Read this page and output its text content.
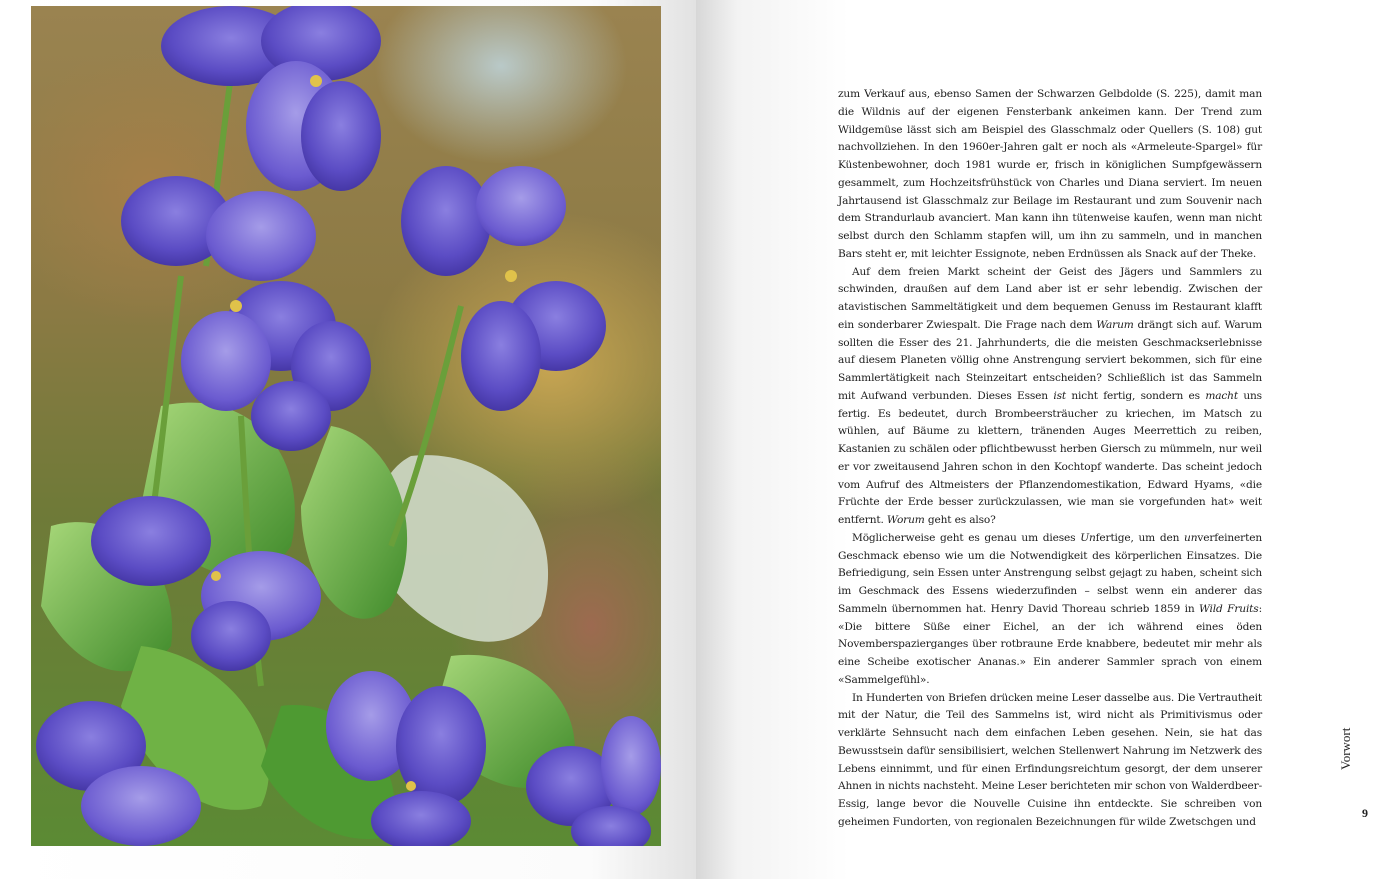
zum Verkauf aus, ebenso Samen der Schwarzen Gelbdolde (S. 225), damit man die Wildnis auf der eigenen Fensterbank ankeimen kann. Der Trend zum Wildgemüse lässt sich am Beispiel des Glasschmalz oder Quellers (S. 108) gut nachvollziehen. In den 1960er-Jahren galt er noch als «Armeleute-Spargel» für Küstenbewohner, doch 1981 wurde er, frisch in königlichen Sumpfgewässern gesammelt, zum Hochzeitsfrühstück von Charles und Diana serviert. Im neuen Jahrtausend ist Glasschmalz zur Beilage im Restaurant und zum Souvenir nach dem Strandurlaub avanciert. Man kann ihn tütenweise kaufen, wenn man nicht selbst durch den Schlamm stapfen will, um ihn zu sammeln, und in manchen Bars steht er, mit leichter Essignote, neben Erdnüssen als Snack auf der Theke.

Auf dem freien Markt scheint der Geist des Jägers und Sammlers zu schwinden, draußen auf dem Land aber ist er sehr lebendig. Zwischen der atavistischen Sammeltätigkeit und dem bequemen Genuss im Restaurant klafft ein sonderbarer Zwiespalt. Die Frage nach dem Warum drängt sich auf. Warum sollten die Esser des 21. Jahrhunderts, die die meisten Geschmackserlebnisse auf diesem Planeten völlig ohne Anstrengung serviert bekommen, sich für eine Sammlertätigkeit nach Steinzeitart entscheiden? Schließlich ist das Sammeln mit Aufwand verbunden. Dieses Essen ist nicht fertig, sondern es macht uns fertig. Es bedeutet, durch Brombeersträucher zu kriechen, im Matsch zu wühlen, auf Bäume zu klettern, tränenden Auges Meerrettich zu reiben, Kastanien zu schälen oder pflichtbewusst herben Giersch zu mümmeln, nur weil er vor zweitausend Jahren schon in den Kochtopf wanderte. Das scheint jedoch vom Aufruf des Altmeisters der Pflanzendomestikation, Edward Hyams, «die Früchte der Erde besser zurückzulassen, wie man sie vorgefunden hat» weit entfernt. Worum geht es also?

Möglicherweise geht es genau um dieses Unfertige, um den unverfeinerten Geschmack ebenso wie um die Notwendigkeit des körperlichen Einsatzes. Die Befriedigung, sein Essen unter Anstrengung selbst gejagt zu haben, scheint sich im Geschmack des Essens wiederzufinden – selbst wenn ein anderer das Sammeln übernommen hat. Henry David Thoreau schrieb 1859 in Wild Fruits: «Die bittere Süße einer Eichel, an der ich während eines öden Novemberspazierganges über rotbraune Erde knabbere, bedeutet mir mehr als eine Scheibe exotischer Ananas.» Ein anderer Sammler sprach von einem «Sammelgefühl».

In Hunderten von Briefen drücken meine Leser dasselbe aus. Die Vertrautheit mit der Natur, die Teil des Sammelns ist, wird nicht als Primitivismus oder verklärte Sehnsucht nach dem einfachen Leben gesehen. Nein, sie hat das Bewusstsein dafür sensibilisiert, welchen Stellenwert Nahrung im Netzwerk des Lebens einnimmt, und für einen Erfindungsreichtum gesorgt, der dem unserer Ahnen in nichts nachsteht. Meine Leser berichteten mir schon von Walderdbeer-Essig, lange bevor die Nouvelle Cuisine ihn entdeckte. Sie schreiben von geheimen Fundorten, von regionalen Bezeichnungen für wilde Zwetschgen und

Vorwort
9
